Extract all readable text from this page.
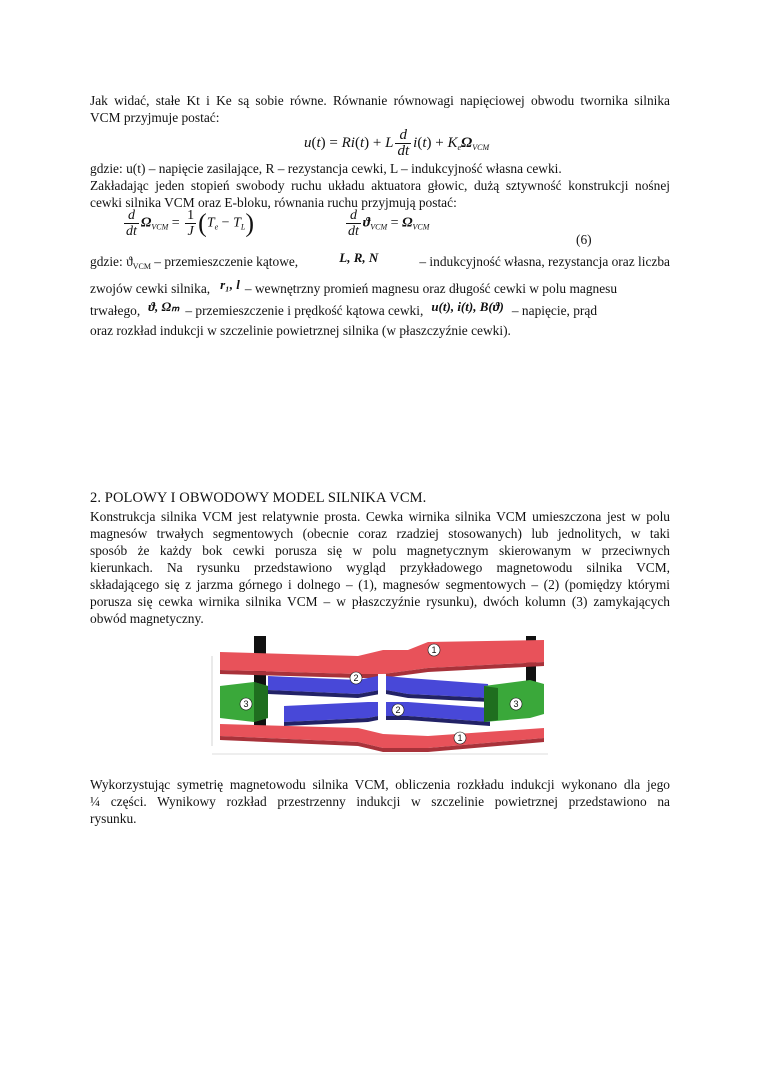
Jak widać, stałe Kt i Ke są sobie równe. Równanie równowagi napięciowej obwodu twornika silnika
VCM przyjmuje postać:
u(t) = Ri(t) + L $\frac{d}{dt} i(t) + K_e\Omega_{VCM}$
gdzie: u(t) – napięcie zasilające, R – rezystancja cewki, L – indukcyjność własna cewki.
Zakładając jeden stopień swobody ruchu układu aktuatora głowic, dużą sztywność konstrukcji nośnej
cewki silnika VCM oraz E-bloku, równania ruchu przyjmują postać:
$\frac{d}{dt} \Omega_{VCM} = \frac{1}{J} (T_e - T_L)$	$\frac{d}{dt} ϑ_{VCM} = \Omega_{VCM}$
(6)
gdzie: $ϑ_{VCM}$ – przemieszczenie kątowe,	L, R, N	– indukcyjność własna, rezystancja oraz liczba
zwojów cewki silnika, r₁, l – wewnętrzny promień magnesu oraz długość cewki w polu magnesu
trwałego, ϑ, Ωₘ – przemieszczenie i prędkość kątowa cewki, u(t), i(t), B(ϑ) – napięcie, prąd
oraz rozkład indukcji w szczelinie powietrznej silnika (w płaszczyźnie cewki).
2. POLOWY I OBWODOWY MODEL SILNIKA VCM.
Konstrukcja silnika VCM jest relatywnie prosta. Cewka wirnika silnika VCM umieszczona jest w polu
magnesów trwałych segmentowych (obecnie coraz rzadziej stosowanych) lub jednolitych, w taki
sposób że każdy bok cewki porusza się w polu magnetycznym skierowanym w przeciwnych
kierunkach. Na rysunku przedstawiono wygląd przykładowego magnetowodu silnika VCM,
składającego się z jarzma górnego i dolnego – (1), magnesów segmentowych – (2) (pomiędzy którymi
porusza się cewka wirnika silnika VCM – w płaszczyźnie rysunku), dwóch kolumn (3) zamykających
obwód magnetyczny.
1
2
2
3	3
1
Wykorzystując symetrię magnetowodu silnika VCM, obliczenia rozkładu indukcji wykonano dla jego
¼ części. Wynikowy rozkład przestrzenny indukcji w szczelinie powietrznej przedstawiono na
rysunku.
